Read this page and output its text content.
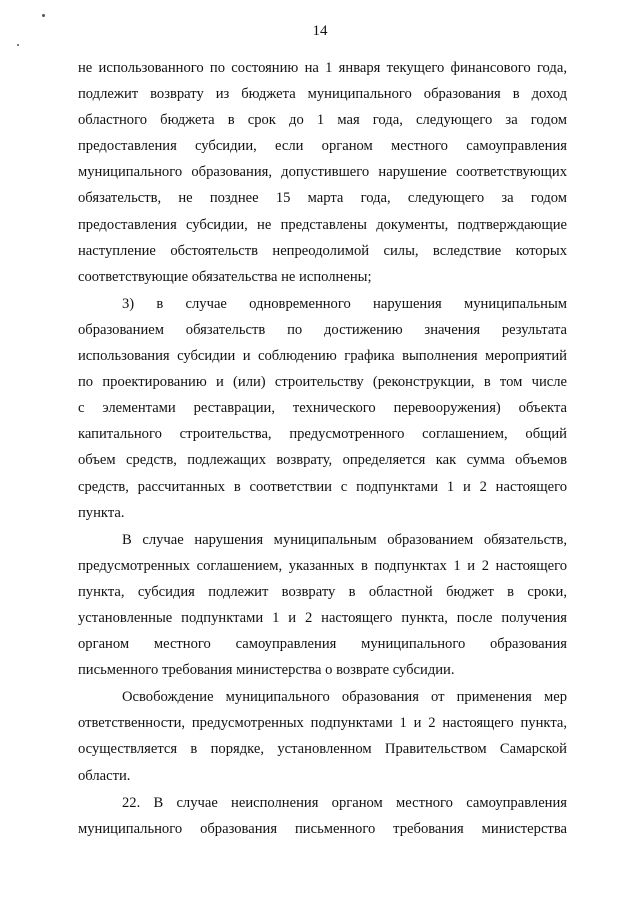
14
не использованного по состоянию на 1 января текущего финансового года,
подлежит возврату из бюджета муниципального образования в доход
областного бюджета в срок до 1 мая года, следующего за годом
предоставления субсидии, если органом местного самоуправления
муниципального образования, допустившего нарушение соответствующих
обязательств, не позднее 15 марта года, следующего за годом
предоставления субсидии, не представлены документы, подтверждающие
наступление обстоятельств непреодолимой силы, вследствие которых
соответствующие обязательства не исполнены;
3) в случае одновременного нарушения муниципальным
образованием обязательств по достижению значения результата
использования субсидии и соблюдению графика выполнения мероприятий
по проектированию и (или) строительству (реконструкции, в том числе
с элементами реставрации, технического перевооружения) объекта
капитального строительства, предусмотренного соглашением, общий
объем средств, подлежащих возврату, определяется как сумма объемов
средств, рассчитанных в соответствии с подпунктами 1 и 2 настоящего
пункта.
В случае нарушения муниципальным образованием обязательств,
предусмотренных соглашением, указанных в подпунктах 1 и 2 настоящего
пункта, субсидия подлежит возврату в областной бюджет в сроки,
установленные подпунктами 1 и 2 настоящего пункта, после получения
органом местного самоуправления муниципального образования
письменного требования министерства о возврате субсидии.
Освобождение муниципального образования от применения мер
ответственности, предусмотренных подпунктами 1 и 2 настоящего пункта,
осуществляется в порядке, установленном Правительством Самарской
области.
22. В случае неисполнения органом местного самоуправления
муниципального образования письменного требования министерства
